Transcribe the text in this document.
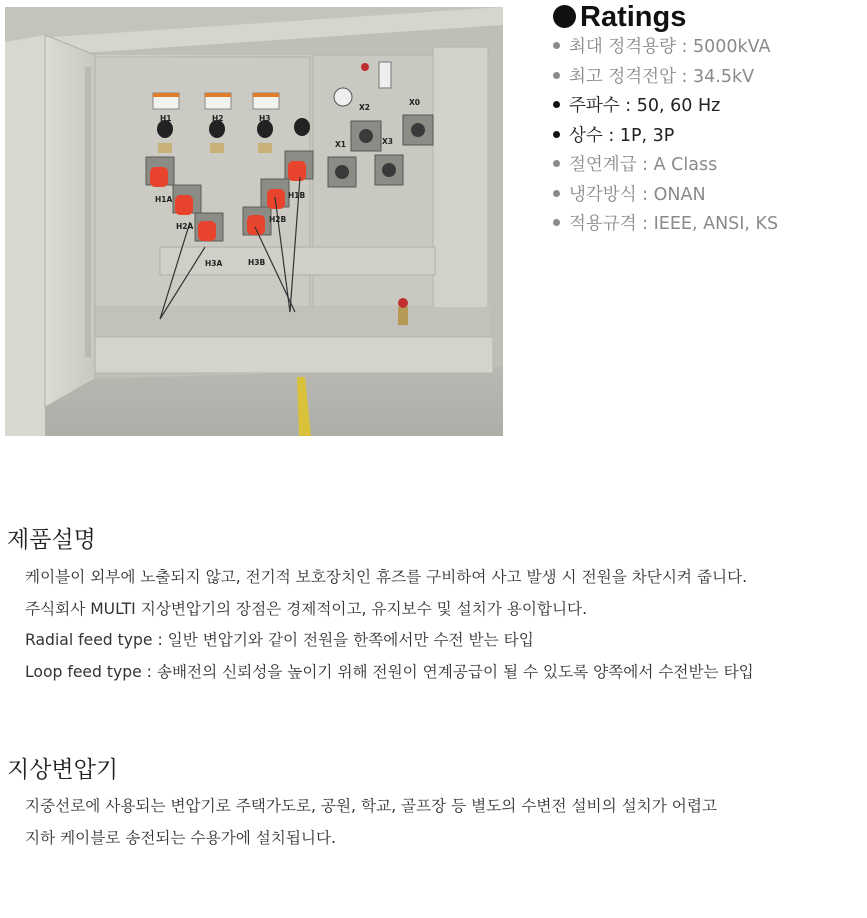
H1	H2	H3
H1A	H1B
H2A
H2B
H3A	H3B
X0
X1
X2
X3
Ratings
최대 정격용량 : 5000kVA
최고 정격전압 : 34.5kV
주파수 : 50, 60 Hz
상수 : 1P, 3P
절연계급 : A Class
냉각방식 : ONAN
적용규격 : IEEE, ANSI, KS
제품설명
케이블이 외부에 노출되지 않고, 전기적 보호장치인 휴즈를 구비하여 사고 발생 시 전원을 차단시켜 줍니다.
주식회사 MULTI 지상변압기의 장점은 경제적이고, 유지보수 및 설치가 용이합니다.
Radial feed type : 일반 변압기와 같이 전원을 한쪽에서만 수전 받는 타입
Loop feed type : 송배전의 신뢰성을 높이기 위해 전원이 연계공급이 될 수 있도록 양쪽에서 수전받는 타입
지상변압기
지중선로에 사용되는 변압기로 주택가도로, 공원, 학교, 골프장 등 별도의 수변전 설비의 설치가 어렵고
지하 케이블로 송전되는 수용가에 설치됩니다.
